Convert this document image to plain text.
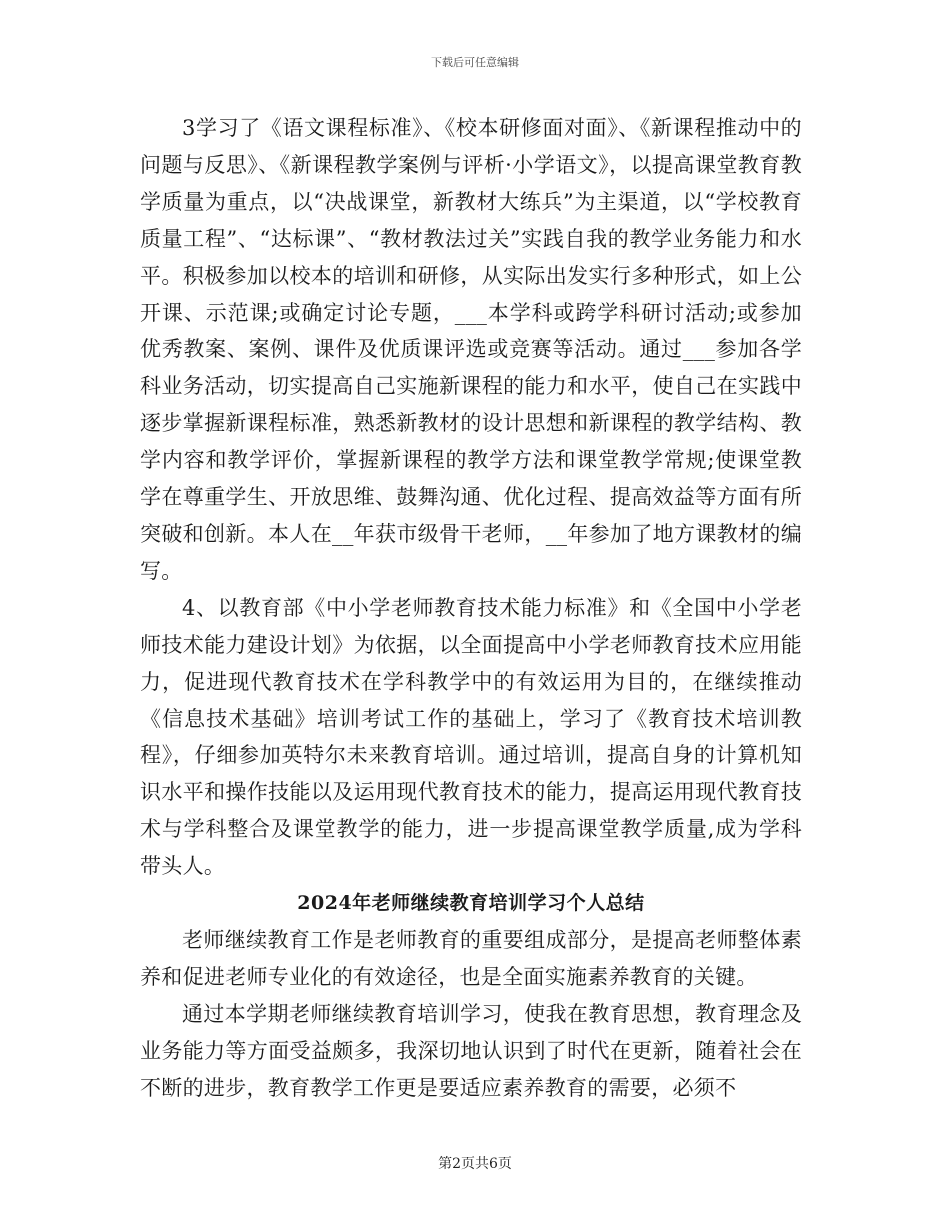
下载后可任意编辑

3学习了《语文课程标准》、《校本研修面对面》、《新课程推动中的问题与反思》、《新课程教学案例与评析·小学语文》，以提高课堂教育教学质量为重点，以“决战课堂，新教材大练兵”为主渠道，以“学校教育质量工程”、“达标课”、“教材教法过关”实践自我的教学业务能力和水平。积极参加以校本的培训和研修，从实际出发实行多种形式，如上公开课、示范课;或确定讨论专题，___本学科或跨学科研讨活动;或参加优秀教案、案例、课件及优质课评选或竞赛等活动。通过___参加各学科业务活动，切实提高自己实施新课程的能力和水平，使自己在实践中逐步掌握新课程标准，熟悉新教材的设计思想和新课程的教学结构、教学内容和教学评价，掌握新课程的教学方法和课堂教学常规;使课堂教学在尊重学生、开放思维、鼓舞沟通、优化过程、提高效益等方面有所突破和创新。本人在__年获市级骨干老师，__年参加了地方课教材的编写。

4、以教育部《中小学老师教育技术能力标准》和《全国中小学老师技术能力建设计划》为依据，以全面提高中小学老师教育技术应用能力，促进现代教育技术在学科教学中的有效运用为目的，在继续推动《信息技术基础》培训考试工作的基础上，学习了《教育技术培训教程》，仔细参加英特尔未来教育培训。通过培训，提高自身的计算机知识水平和操作技能以及运用现代教育技术的能力，提高运用现代教育技术与学科整合及课堂教学的能力，进一步提高课堂教学质量,成为学科带头人。

2024年老师继续教育培训学习个人总结

老师继续教育工作是老师教育的重要组成部分，是提高老师整体素养和促进老师专业化的有效途径，也是全面实施素养教育的关键。

通过本学期老师继续教育培训学习，使我在教育思想，教育理念及业务能力等方面受益颇多，我深切地认识到了时代在更新，随着社会在不断的进步，教育教学工作更是要适应素养教育的需要，必须不

第2页共6页
